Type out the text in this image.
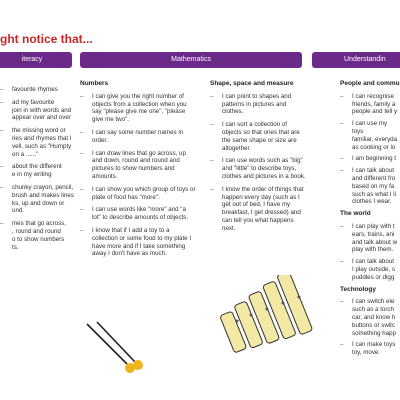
ght notice that...
iteracy	Mathematics	Understandin
– favourite rhymes
– ad my favourite
join in with words and
appear over and over
– the missing word or
ries and rhymes that I
vell, such as "Humpty
on a ......"
– about the different
e in my writing
– chunky crayon, pencil,
brush and makes lines
ks, up and down or
und.
– mes that go across,
, round and round
o to show numbers
ts.
Numbers
– I can give you the right number of objects from a collection when you say "please give me one", "please give me two".
– I can say some number names in order.
– I can draw lines that go across, up and down, round and round and pictures to show numbers and amounts.
– I can show you which group of toys or plate of food has "more".
– I can use words like "more" and "a lot" to describe amounts of objects.
– I know that if I add a toy to a collection or some food to my plate I have more and if I take something away I don't have as much.
Shape, space and measure
– I can point to shapes and patterns in pictures and clothes.
– I can sort a collection of objects so that ones that are the same shape or size are altogether.
– I can use words such as "big" and "little" to describe toys, clothes and pictures in a book.
– I know the order of things that happen every day (such as I get out of bed, I have my breakfast, I get dressed) and can tell you what happens next.
People and commu
– I can recognise
friends, family a
people and tell y
– I can use my toys
familiar, everyda
as cooking or lo
– I am beginning t
– I can talk about
and different fro
based on my fa
such as what I li
clothes I wear.
The world
– I can play with t
ears, trains, ani
and talk about w
play with them.
– I can talk about
I play outside, s
puddles or digg
Technology
– I can switch ele
such as a torch
car, and know h
buttons or switc
something happ
– I can make toys
toy, move.
